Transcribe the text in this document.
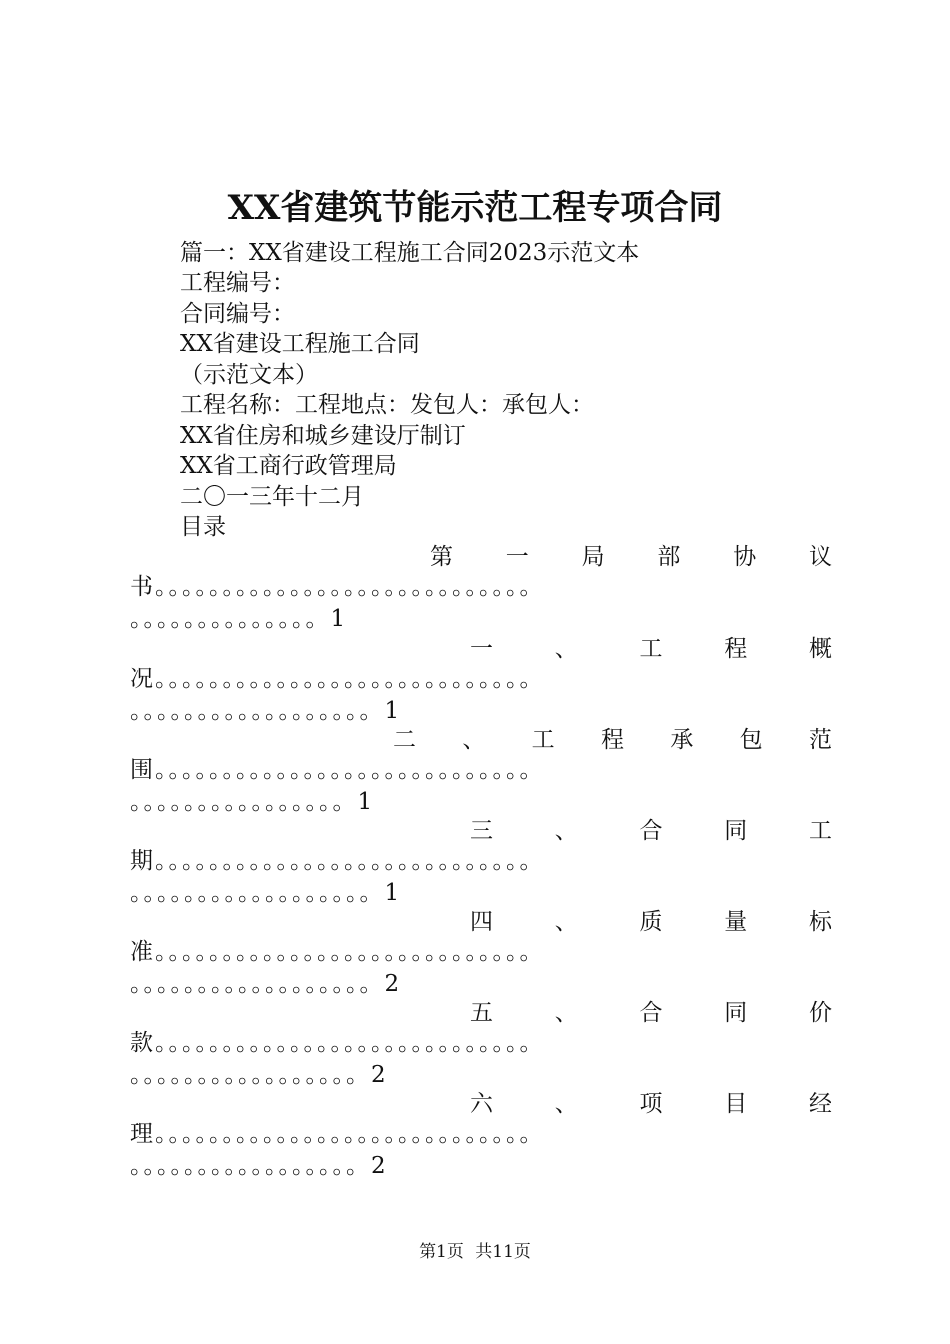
XX省建筑节能示范工程专项合同
篇一：XX省建设工程施工合同2023示范文本
工程编号：
合同编号：
XX省建设工程施工合同
（示范文本）
工程名称：工程地点：发包人：承包人：
XX省住房和城乡建设厅制订
XX省工商行政管理局
二〇一三年十二月
目录
第 一 局 部 协 议
书。。。。。。。。。。。。。。。。。。。。。。。。。。。。
。。。。。。。。。。。。。。1
一	、	工	程	概
况。。。。。。。。。。。。。。。。。。。。。。。。。。。。
。。。。。。。。。。。。。。。。。。1
二 、 工 程 承 包 范
围。。。。。。。。。。。。。。。。。。。。。。。。。。。。
。。。。。。。。。。。。。。。。1
三	、	合	同	工
期。。。。。。。。。。。。。。。。。。。。。。。。。。。。
。。。。。。。。。。。。。。。。。。1
四	、	质	量	标
准。。。。。。。。。。。。。。。。。。。。。。。。。。。。
。。。。。。。。。。。。。。。。。。2
五	、	合	同	价
款。。。。。。。。。。。。。。。。。。。。。。。。。。。。
。。。。。。。。。。。。。。。。。2
六	、	项	目	经
理。。。。。。。。。。。。。。。。。。。。。。。。。。。。
。。。。。。。。。。。。。。。。。2
第1页 共11页
